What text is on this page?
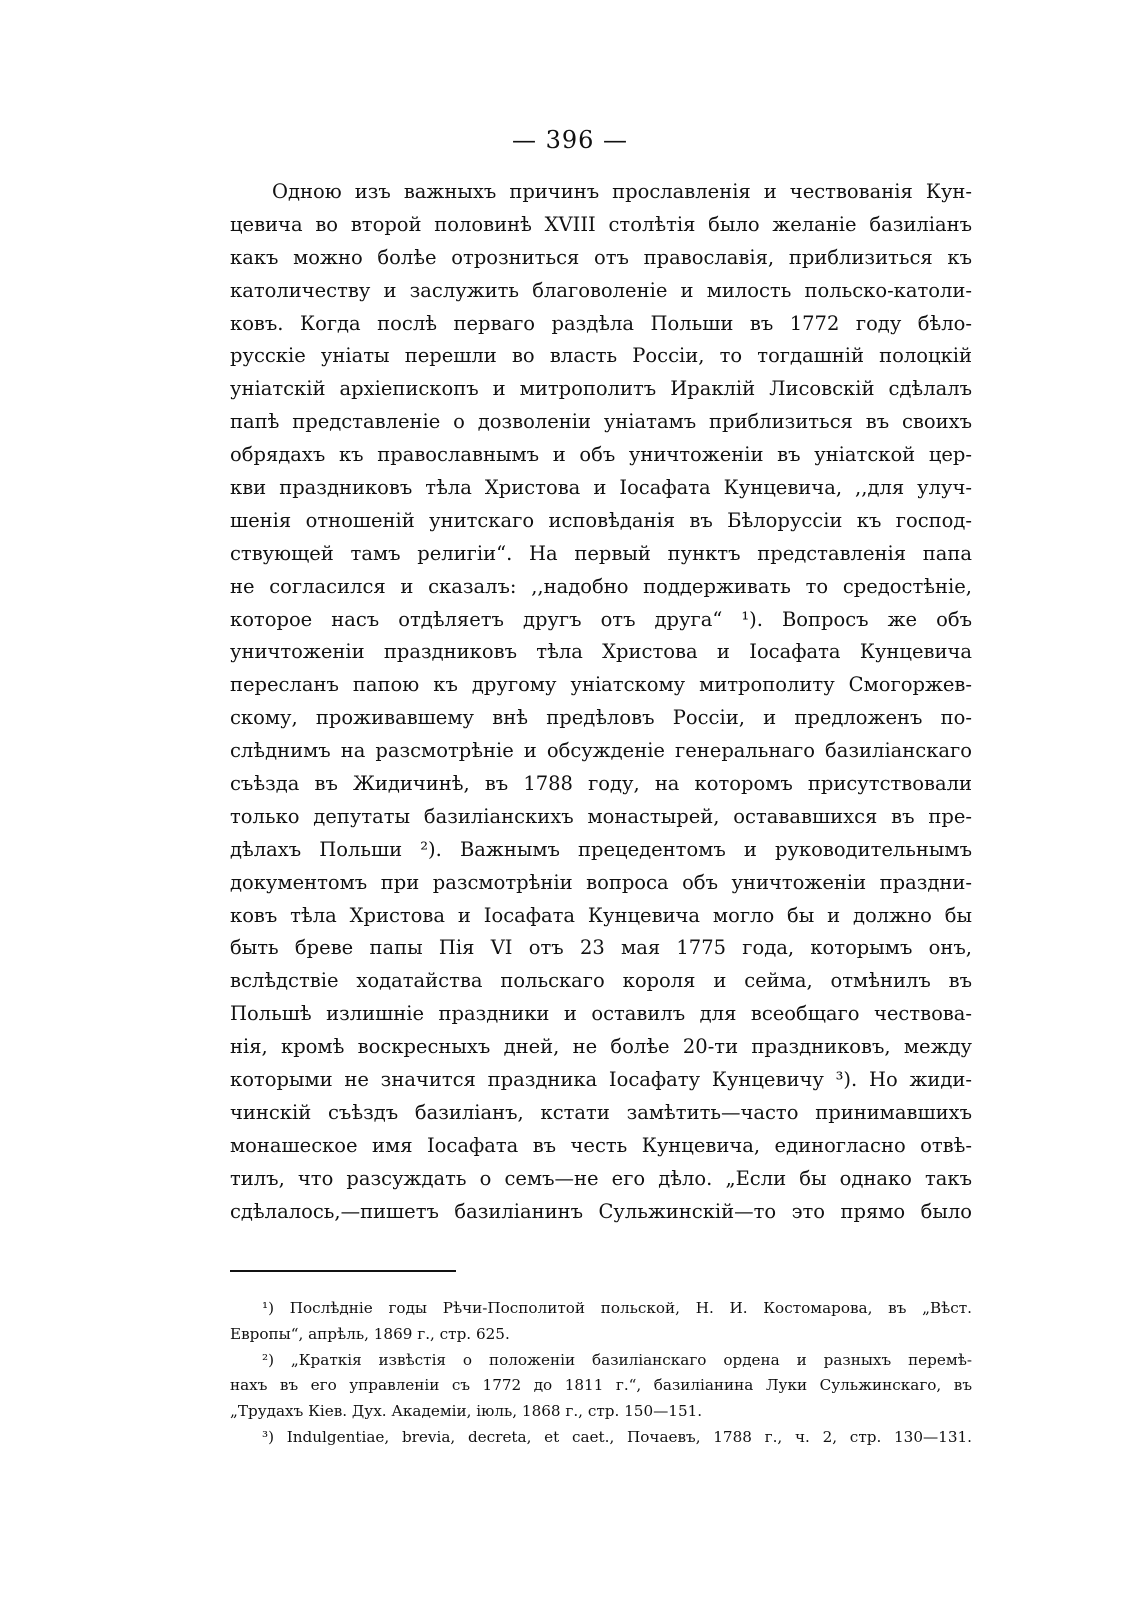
— 396 —
Одною изъ важныхъ причинъ прославленія и чествованія Кун-
цевича во второй половинѣ XVIII столѣтія было желаніе базиліанъ
какъ можно болѣе отрозниться отъ православія, приблизиться къ
католичеству и заслужить благоволеніе и милость польско-католи-
ковъ. Когда послѣ перваго раздѣла Польши въ 1772 году бѣло-
русскіе уніаты перешли во власть Россіи, то тогдашній полоцкій
уніатскій архіепископъ и митрополитъ Ираклій Лисовскій сдѣлалъ
папѣ представленіе о дозволеніи уніатамъ приблизиться въ своихъ
обрядахъ къ православнымъ и объ уничтоженіи въ уніатской цер-
кви праздниковъ тѣла Христова и Іосафата Кунцевича, ,,для улуч-
шенія отношеній унитскаго исповѣданія въ Бѣлоруссіи къ господ-
ствующей тамъ религіи“. На первый пунктъ представленія папа
не согласился и сказалъ: ,,надобно поддерживать то средостѣніе,
которое насъ отдѣляетъ другъ отъ друга“ ¹). Вопросъ же объ
уничтоженіи праздниковъ тѣла Христова и Іосафата Кунцевича
пересланъ папою къ другому уніатскому митрополиту Смогоржев-
скому, проживавшему внѣ предѣловъ Россіи, и предложенъ по-
слѣднимъ на разсмотрѣніе и обсужденіе генеральнаго базиліанскаго
съѣзда въ Жидичинѣ, въ 1788 году, на которомъ присутствовали
только депутаты базиліанскихъ монастырей, остававшихся въ пре-
дѣлахъ Польши ²). Важнымъ прецедентомъ и руководительнымъ
документомъ при разсмотрѣніи вопроса объ уничтоженіи праздни-
ковъ тѣла Христова и Іосафата Кунцевича могло бы и должно бы
быть бреве папы Пія VI отъ 23 мая 1775 года, которымъ онъ,
вслѣдствіе ходатайства польскаго короля и сейма, отмѣнилъ въ
Польшѣ излишніе праздники и оставилъ для всеобщаго чествова-
нія, кромѣ воскресныхъ дней, не болѣе 20-ти праздниковъ, между
которыми не значится праздника Іосафату Кунцевичу ³). Но жиди-
чинскій съѣздъ базиліанъ, кстати замѣтить—часто принимавшихъ
монашеское имя Іосафата въ честь Кунцевича, единогласно отвѣ-
тилъ, что разсуждать о семъ—не его дѣло. „Если бы однако такъ
сдѣлалось,—пишетъ базиліанинъ Сульжинскій—то это прямо было
¹) Послѣдніе годы Рѣчи-Посполитой польской, Н. И. Костомарова, въ „Вѣст.
Европы“, апрѣль, 1869 г., стр. 625.
²) „Краткія извѣстія о положеніи базиліанскаго ордена и разныхъ перемѣ-
нахъ въ его управленіи съ 1772 до 1811 г.“, базиліанина Луки Сульжинскаго, въ
„Трудахъ Кіев. Дух. Академіи, іюль, 1868 г., стр. 150—151.
³) Indulgentiae, brevia, decreta, et caet., Почаевъ, 1788 г., ч. 2, стр. 130—131.
